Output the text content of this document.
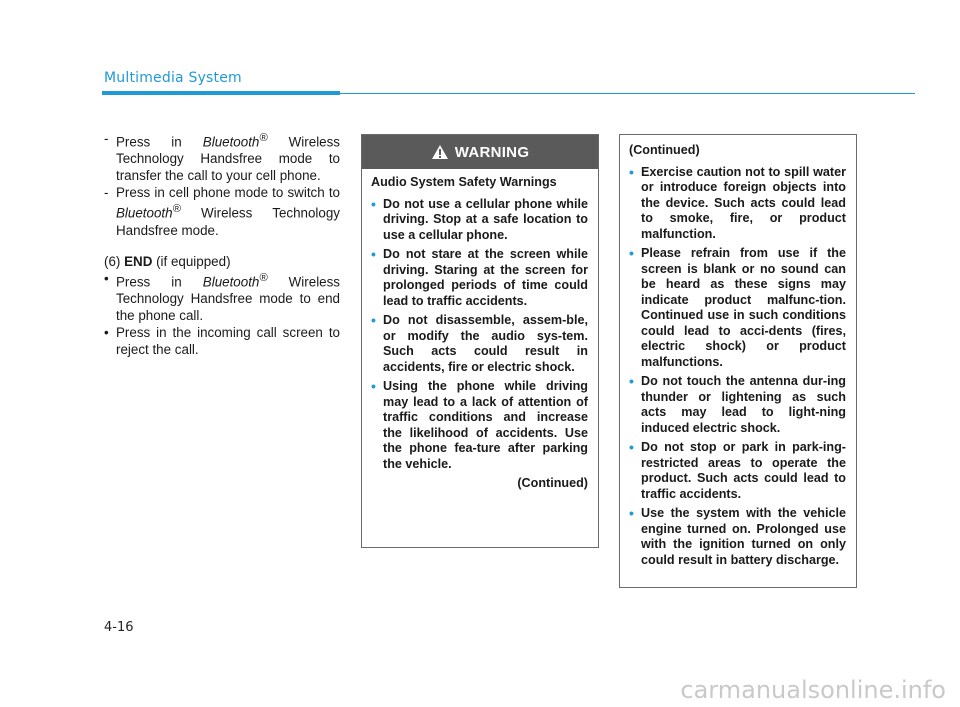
Multimedia System
- Press in Bluetooth® Wireless Technology Handsfree mode to transfer the call to your cell phone.
- Press in cell phone mode to switch to Bluetooth® Wireless Technology Handsfree mode.

(6) END (if equipped)

• Press in Bluetooth® Wireless Technology Handsfree mode to end the phone call.
• Press in the incoming call screen to reject the call.
WARNING

Audio System Safety Warnings

• Do not use a cellular phone while driving. Stop at a safe location to use a cellular phone.
• Do not stare at the screen while driving. Staring at the screen for prolonged periods of time could lead to traffic accidents.
• Do not disassemble, assem-ble, or modify the audio sys-tem. Such acts could result in accidents, fire or electric shock.
• Using the phone while driving may lead to a lack of attention of traffic conditions and increase the likelihood of accidents. Use the phone fea-ture after parking the vehicle.

(Continued)

(Continued)

• Exercise caution not to spill water or introduce foreign objects into the device. Such acts could lead to smoke, fire, or product malfunction.
• Please refrain from use if the screen is blank or no sound can be heard as these signs may indicate product malfunc-tion. Continued use in such conditions could lead to acci-dents (fires, electric shock) or product malfunctions.
• Do not touch the antenna dur-ing thunder or lightening as such acts may lead to light-ning induced electric shock.
• Do not stop or park in park-ing-restricted areas to operate the product. Such acts could lead to traffic accidents.
• Use the system with the vehicle engine turned on. Prolonged use with the ignition turned on only could result in battery discharge.
4-16
carmanualsonline.info
